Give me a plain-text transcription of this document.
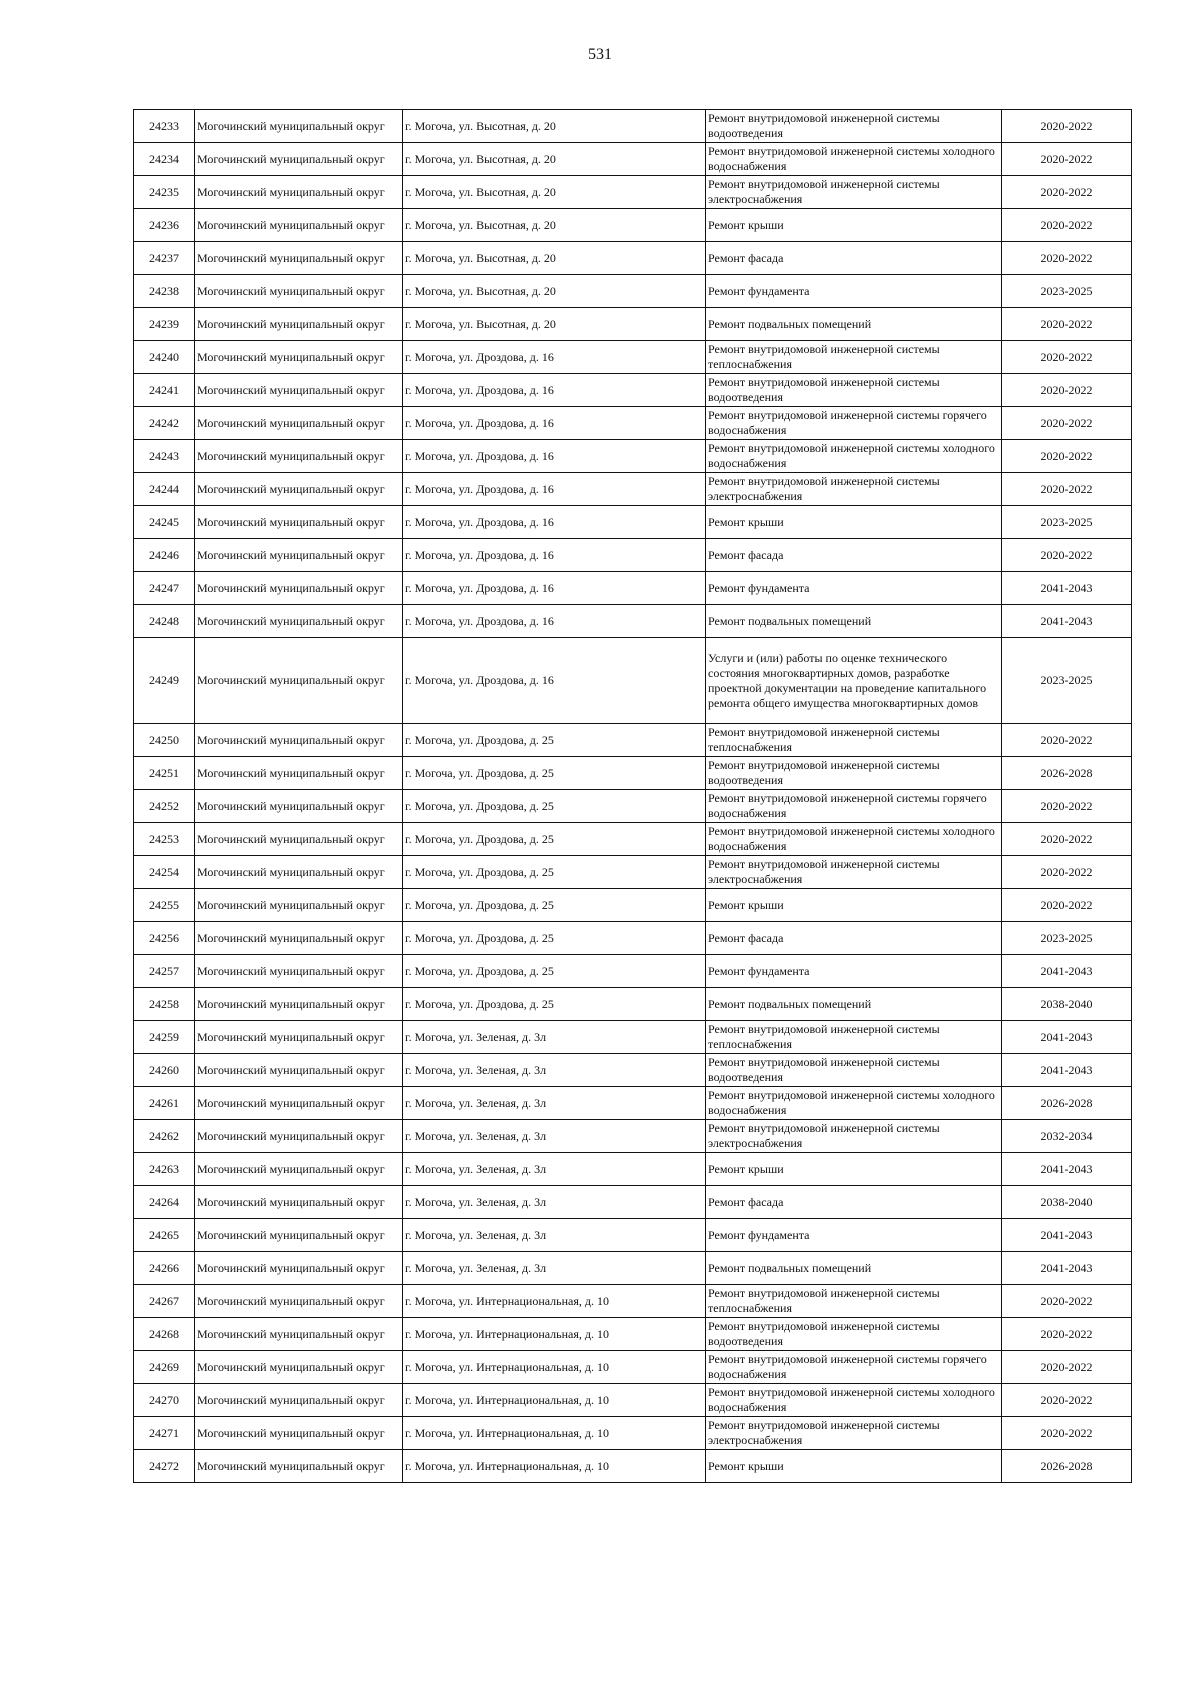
531
24233	Могочинский муниципальный округ	г. Могоча, ул. Высотная, д. 20	Ремонт внутридомовой инженерной системы водоотведения	2020-2022
24234	Могочинский муниципальный округ	г. Могоча, ул. Высотная, д. 20	Ремонт внутридомовой инженерной системы холодного водоснабжения	2020-2022
24235	Могочинский муниципальный округ	г. Могоча, ул. Высотная, д. 20	Ремонт внутридомовой инженерной системы электроснабжения	2020-2022
24236	Могочинский муниципальный округ	г. Могоча, ул. Высотная, д. 20	Ремонт крыши	2020-2022
24237	Могочинский муниципальный округ	г. Могоча, ул. Высотная, д. 20	Ремонт фасада	2020-2022
24238	Могочинский муниципальный округ	г. Могоча, ул. Высотная, д. 20	Ремонт фундамента	2023-2025
24239	Могочинский муниципальный округ	г. Могоча, ул. Высотная, д. 20	Ремонт подвальных помещений	2020-2022
24240	Могочинский муниципальный округ	г. Могоча, ул. Дроздова, д. 16	Ремонт внутридомовой инженерной системы теплоснабжения	2020-2022
24241	Могочинский муниципальный округ	г. Могоча, ул. Дроздова, д. 16	Ремонт внутридомовой инженерной системы водоотведения	2020-2022
24242	Могочинский муниципальный округ	г. Могоча, ул. Дроздова, д. 16	Ремонт внутридомовой инженерной системы горячего водоснабжения	2020-2022
24243	Могочинский муниципальный округ	г. Могоча, ул. Дроздова, д. 16	Ремонт внутридомовой инженерной системы холодного водоснабжения	2020-2022
24244	Могочинский муниципальный округ	г. Могоча, ул. Дроздова, д. 16	Ремонт внутридомовой инженерной системы электроснабжения	2020-2022
24245	Могочинский муниципальный округ	г. Могоча, ул. Дроздова, д. 16	Ремонт крыши	2023-2025
24246	Могочинский муниципальный округ	г. Могоча, ул. Дроздова, д. 16	Ремонт фасада	2020-2022
24247	Могочинский муниципальный округ	г. Могоча, ул. Дроздова, д. 16	Ремонт фундамента	2041-2043
24248	Могочинский муниципальный округ	г. Могоча, ул. Дроздова, д. 16	Ремонт подвальных помещений	2041-2043
24249	Могочинский муниципальный округ	г. Могоча, ул. Дроздова, д. 16	Услуги и (или) работы по оценке технического состояния многоквартирных домов, разработке проектной документации на проведение капитального ремонта общего имущества многоквартирных домов	2023-2025
24250	Могочинский муниципальный округ	г. Могоча, ул. Дроздова, д. 25	Ремонт внутридомовой инженерной системы теплоснабжения	2020-2022
24251	Могочинский муниципальный округ	г. Могоча, ул. Дроздова, д. 25	Ремонт внутридомовой инженерной системы водоотведения	2026-2028
24252	Могочинский муниципальный округ	г. Могоча, ул. Дроздова, д. 25	Ремонт внутридомовой инженерной системы горячего водоснабжения	2020-2022
24253	Могочинский муниципальный округ	г. Могоча, ул. Дроздова, д. 25	Ремонт внутридомовой инженерной системы холодного водоснабжения	2020-2022
24254	Могочинский муниципальный округ	г. Могоча, ул. Дроздова, д. 25	Ремонт внутридомовой инженерной системы электроснабжения	2020-2022
24255	Могочинский муниципальный округ	г. Могоча, ул. Дроздова, д. 25	Ремонт крыши	2020-2022
24256	Могочинский муниципальный округ	г. Могоча, ул. Дроздова, д. 25	Ремонт фасада	2023-2025
24257	Могочинский муниципальный округ	г. Могоча, ул. Дроздова, д. 25	Ремонт фундамента	2041-2043
24258	Могочинский муниципальный округ	г. Могоча, ул. Дроздова, д. 25	Ремонт подвальных помещений	2038-2040
24259	Могочинский муниципальный округ	г. Могоча, ул. Зеленая, д. 3л	Ремонт внутридомовой инженерной системы теплоснабжения	2041-2043
24260	Могочинский муниципальный округ	г. Могоча, ул. Зеленая, д. 3л	Ремонт внутридомовой инженерной системы водоотведения	2041-2043
24261	Могочинский муниципальный округ	г. Могоча, ул. Зеленая, д. 3л	Ремонт внутридомовой инженерной системы холодного водоснабжения	2026-2028
24262	Могочинский муниципальный округ	г. Могоча, ул. Зеленая, д. 3л	Ремонт внутридомовой инженерной системы электроснабжения	2032-2034
24263	Могочинский муниципальный округ	г. Могоча, ул. Зеленая, д. 3л	Ремонт крыши	2041-2043
24264	Могочинский муниципальный округ	г. Могоча, ул. Зеленая, д. 3л	Ремонт фасада	2038-2040
24265	Могочинский муниципальный округ	г. Могоча, ул. Зеленая, д. 3л	Ремонт фундамента	2041-2043
24266	Могочинский муниципальный округ	г. Могоча, ул. Зеленая, д. 3л	Ремонт подвальных помещений	2041-2043
24267	Могочинский муниципальный округ	г. Могоча, ул. Интернациональная, д. 10	Ремонт внутридомовой инженерной системы теплоснабжения	2020-2022
24268	Могочинский муниципальный округ	г. Могоча, ул. Интернациональная, д. 10	Ремонт внутридомовой инженерной системы водоотведения	2020-2022
24269	Могочинский муниципальный округ	г. Могоча, ул. Интернациональная, д. 10	Ремонт внутридомовой инженерной системы горячего водоснабжения	2020-2022
24270	Могочинский муниципальный округ	г. Могоча, ул. Интернациональная, д. 10	Ремонт внутридомовой инженерной системы холодного водоснабжения	2020-2022
24271	Могочинский муниципальный округ	г. Могоча, ул. Интернациональная, д. 10	Ремонт внутридомовой инженерной системы электроснабжения	2020-2022
24272	Могочинский муниципальный округ	г. Могоча, ул. Интернациональная, д. 10	Ремонт крыши	2026-2028
